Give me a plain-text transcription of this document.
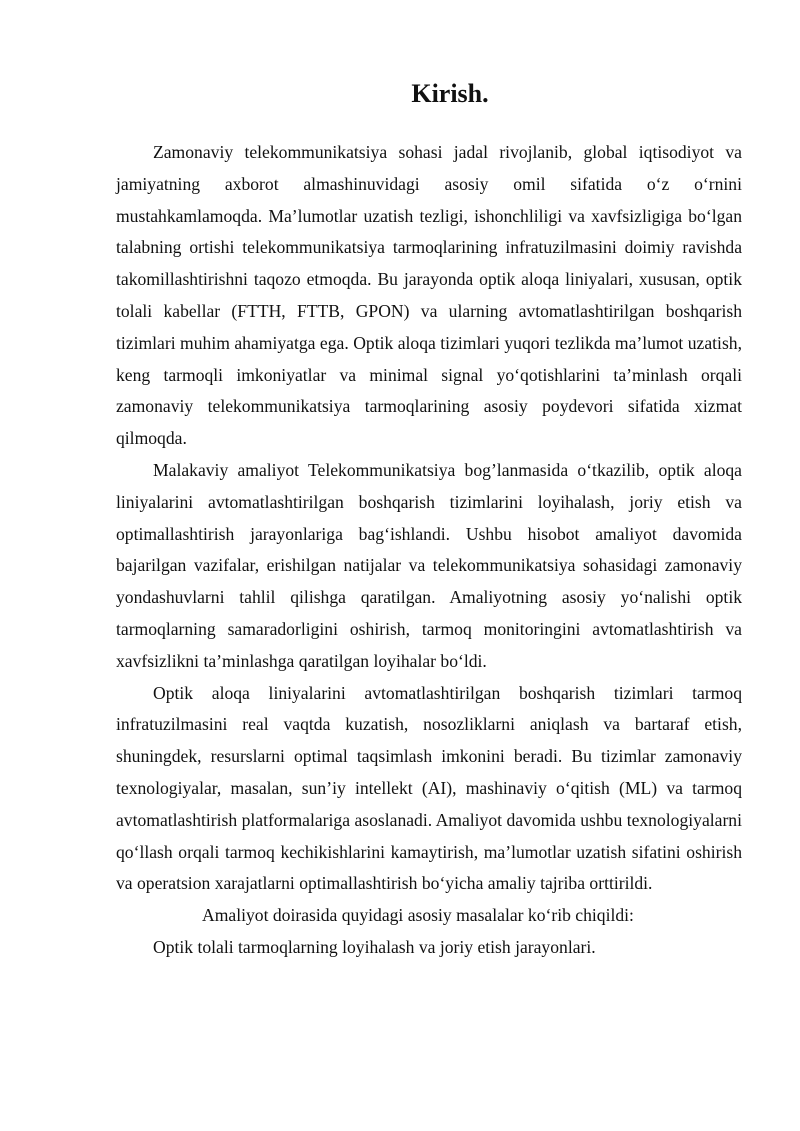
Kirish.

Zamonaviy telekommunikatsiya sohasi jadal rivojlanib, global iqtisodiyot va jamiyatning axborot almashinuvidagi asosiy omil sifatida o‘z o‘rnini mustahkamlamoqda. Ma’lumotlar uzatish tezligi, ishonchliligi va xavfsizligiga bo‘lgan talabning ortishi telekommunikatsiya tarmoqlarining infratuzilmasini doimiy ravishda takomillashtirishni taqozo etmoqda. Bu jarayonda optik aloqa liniyalari, xususan, optik tolali kabellar (FTTH, FTTB, GPON) va ularning avtomatlashtirilgan boshqarish tizimlari muhim ahamiyatga ega. Optik aloqa tizimlari yuqori tezlikda ma’lumot uzatish, keng tarmoqli imkoniyatlar va minimal signal yo‘qotishlarini ta’minlash orqali zamonaviy telekommunikatsiya tarmoqlarining asosiy poydevori sifatida xizmat qilmoqda.

Malakaviy amaliyot Telekommunikatsiya bog’lanmasida o‘tkazilib, optik aloqa liniyalarini avtomatlashtirilgan boshqarish tizimlarini loyihalash, joriy etish va optimallashtirish jarayonlariga bag‘ishlandi. Ushbu hisobot amaliyot davomida bajarilgan vazifalar, erishilgan natijalar va telekommunikatsiya sohasidagi zamonaviy yondashuvlarni tahlil qilishga qaratilgan. Amaliyotning asosiy yo‘nalishi optik tarmoqlarning samaradorligini oshirish, tarmoq monitoringini avtomatlashtirish va xavfsizlikni ta’minlashga qaratilgan loyihalar bo‘ldi.

Optik aloqa liniyalarini avtomatlashtirilgan boshqarish tizimlari tarmoq infratuzilmasini real vaqtda kuzatish, nosozliklarni aniqlash va bartaraf etish, shuningdek, resurslarni optimal taqsimlash imkonini beradi. Bu tizimlar zamonaviy texnologiyalar, masalan, sun’iy intellekt (AI), mashinaviy o‘qitish (ML) va tarmoq avtomatlashtirish platformalariga asoslanadi. Amaliyot davomida ushbu texnologiyalarni qo‘llash orqali tarmoq kechikishlarini kamaytirish, ma’lumotlar uzatish sifatini oshirish va operatsion xarajatlarni optimallashtirish bo‘yicha amaliy tajriba orttirildi.

Amaliyot doirasida quyidagi asosiy masalalar ko‘rib chiqildi:

Optik tolali tarmoqlarning loyihalash va joriy etish jarayonlari.
